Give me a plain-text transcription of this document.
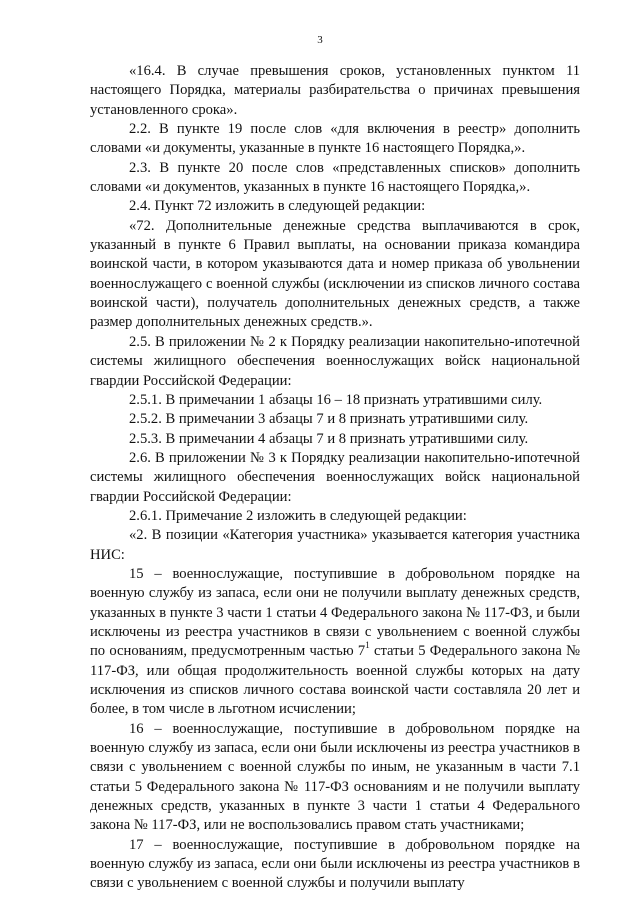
3

«16.4. В случае превышения сроков, установленных пунктом 11 настоящего Порядка, материалы разбирательства о причинах превышения установленного срока».

2.2. В пункте 19 после слов «для включения в реестр» дополнить словами «и документы, указанные в пункте 16 настоящего Порядка,».

2.3. В пункте 20 после слов «представленных списков» дополнить словами «и документов, указанных в пункте 16 настоящего Порядка,».

2.4. Пункт 72 изложить в следующей редакции:

«72. Дополнительные денежные средства выплачиваются в срок, указанный в пункте 6 Правил выплаты, на основании приказа командира воинской части, в котором указываются дата и номер приказа об увольнении военнослужащего с военной службы (исключении из списков личного состава воинской части), получатель дополнительных денежных средств, а также размер дополнительных денежных средств.».

2.5. В приложении № 2 к Порядку реализации накопительно-ипотечной системы жилищного обеспечения военнослужащих войск национальной гвардии Российской Федерации:

2.5.1. В примечании 1 абзацы 16 – 18 признать утратившими силу.

2.5.2. В примечании 3 абзацы 7 и 8 признать утратившими силу.

2.5.3. В примечании 4 абзацы 7 и 8 признать утратившими силу.

2.6. В приложении № 3 к Порядку реализации накопительно-ипотечной системы жилищного обеспечения военнослужащих войск национальной гвардии Российской Федерации:

2.6.1. Примечание 2 изложить в следующей редакции:

«2. В позиции «Категория участника» указывается категория участника НИС:

15 – военнослужащие, поступившие в добровольном порядке на военную службу из запаса, если они не получили выплату денежных средств, указанных в пункте 3 части 1 статьи 4 Федерального закона № 117-ФЗ, и были исключены из реестра участников в связи с увольнением с военной службы по основаниям, предусмотренным частью $7^1$ статьи 5 Федерального закона № 117-ФЗ, или общая продолжительность военной службы которых на дату исключения из списков личного состава воинской части составляла 20 лет и более, в том числе в льготном исчислении;

16 – военнослужащие, поступившие в добровольном порядке на военную службу из запаса, если они были исключены из реестра участников в связи с увольнением с военной службы по иным, не указанным в части 7.1 статьи 5 Федерального закона № 117-ФЗ основаниям и не получили выплату денежных средств, указанных в пункте 3 части 1 статьи 4 Федерального закона № 117-ФЗ, или не воспользовались правом стать участниками;

17 – военнослужащие, поступившие в добровольном порядке на военную службу из запаса, если они были исключены из реестра участников в связи с увольнением с военной службы и получили выплату
